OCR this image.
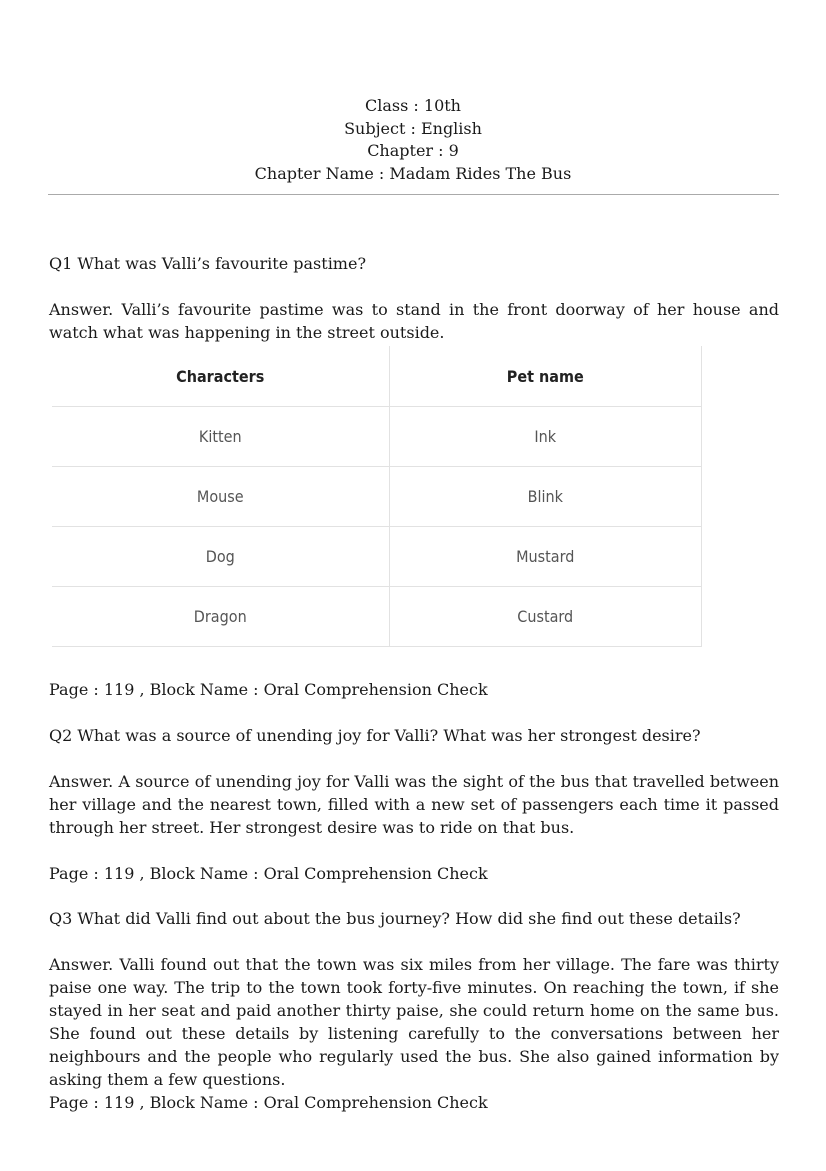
Class : 10th
Subject : English
Chapter : 9
Chapter Name : Madam Rides The Bus

Q1 What was Valli’s favourite pastime?

Answer. Valli’s favourite pastime was to stand in the front doorway of her house and watch what was happening in the street outside.

Characters	Pet name
Kitten	Ink
Mouse	Blink
Dog	Mustard
Dragon	Custard

Page : 119 , Block Name : Oral Comprehension Check

Q2 What was a source of unending joy for Valli? What was her strongest desire?

Answer. A source of unending joy for Valli was the sight of the bus that travelled between her village and the nearest town, filled with a new set of passengers each time it passed through her street. Her strongest desire was to ride on that bus.

Page : 119 , Block Name : Oral Comprehension Check

Q3 What did Valli find out about the bus journey? How did she find out these details?

Answer. Valli found out that the town was six miles from her village. The fare was thirty paise one way. The trip to the town took forty-five minutes. On reaching the town, if she stayed in her seat and paid another thirty paise, she could return home on the same bus. She found out these details by listening carefully to the conversations between her neighbours and the people who regularly used the bus. She also gained information by asking them a few questions.

Page : 119 , Block Name : Oral Comprehension Check
